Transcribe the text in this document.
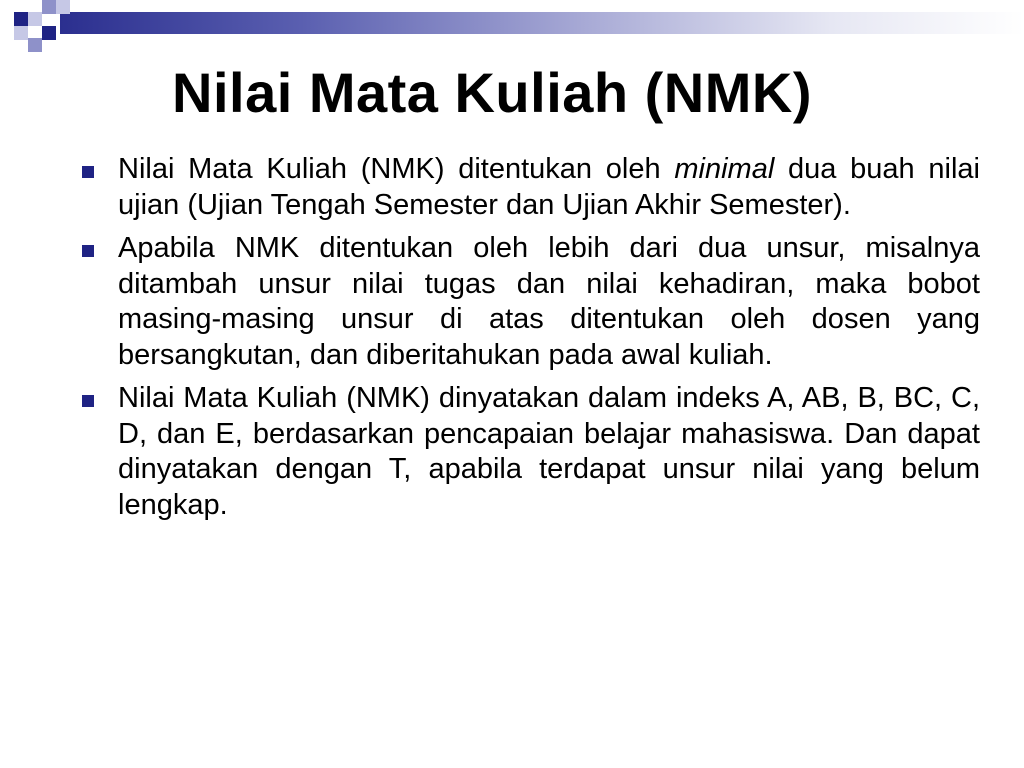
Nilai Mata Kuliah (NMK)
Nilai Mata Kuliah (NMK) ditentukan oleh minimal dua buah nilai ujian (Ujian Tengah Semester dan Ujian Akhir Semester).
Apabila NMK ditentukan oleh lebih dari dua unsur, misalnya ditambah unsur nilai tugas dan nilai kehadiran, maka bobot masing-masing unsur di atas ditentukan oleh dosen yang bersangkutan, dan diberitahukan pada awal kuliah.
Nilai Mata Kuliah (NMK) dinyatakan dalam indeks A, AB, B, BC, C, D, dan E, berdasarkan pencapaian belajar mahasiswa. Dan dapat dinyatakan dengan T, apabila terdapat unsur nilai yang belum lengkap.
